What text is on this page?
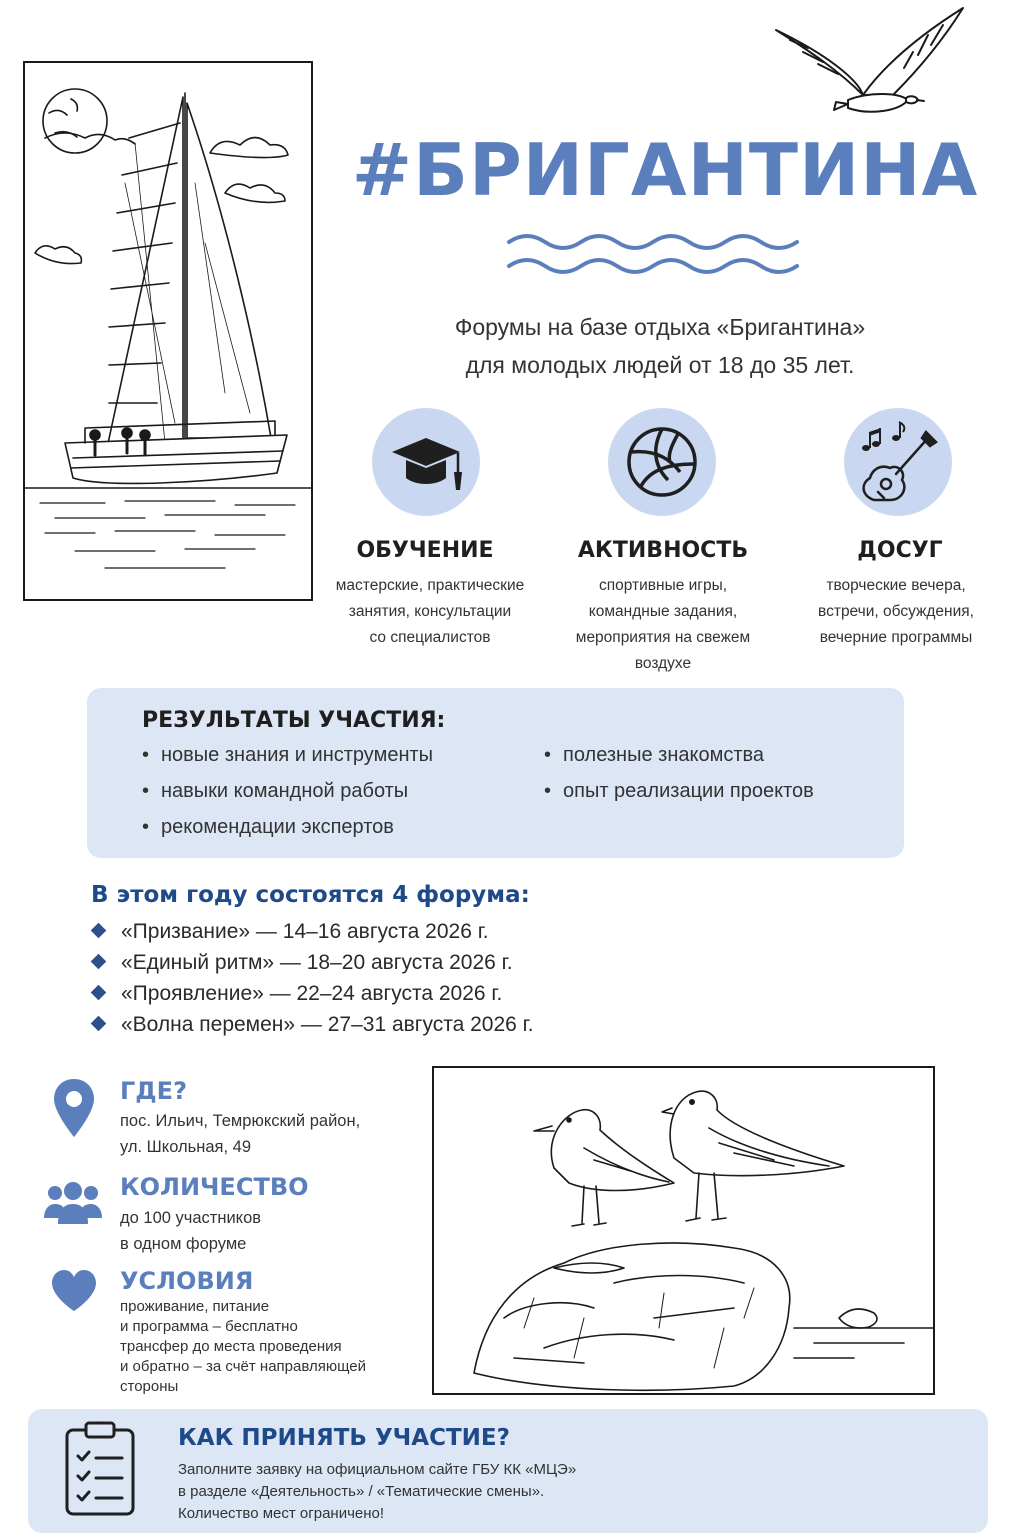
#БРИГАНТИНА
Форумы на базе отдыха «Бригантина»
для молодых людей от 18 до 35 лет.
ОБУЧЕНИЕ
мастерские, практические
занятия, консультации
со специалистов
АКТИВНОСТЬ
спортивные игры,
командные задания,
мероприятия на свежем
воздухе
ДОСУГ
творческие вечера,
встречи, обсуждения,
вечерние программы
РЕЗУЛЬТАТЫ УЧАСТИЯ:
• новые знания и инструменты
• навыки командной работы
• рекомендации экспертов
• полезные знакомства
• опыт реализации проектов
В этом году состоятся 4 форума:
«Призвание» — 14–16 августа 2026 г.
«Единый ритм» — 18–20 августа 2026 г.
«Проявление» — 22–24 августа 2026 г.
«Волна перемен» — 27–31 августа 2026 г.
ГДЕ?
пос. Ильич, Темрюкский район,
ул. Школьная, 49
КОЛИЧЕСТВО
до 100 участников
в одном форуме
УСЛОВИЯ
проживание, питание
и программа – бесплатно
трансфер до места проведения
и обратно – за счёт направляющей
стороны
КАК ПРИНЯТЬ УЧАСТИЕ?
Заполните заявку на официальном сайте ГБУ КК «МЦЭ»
в разделе «Деятельность» / «Тематические смены».
Количество мест ограничено!
